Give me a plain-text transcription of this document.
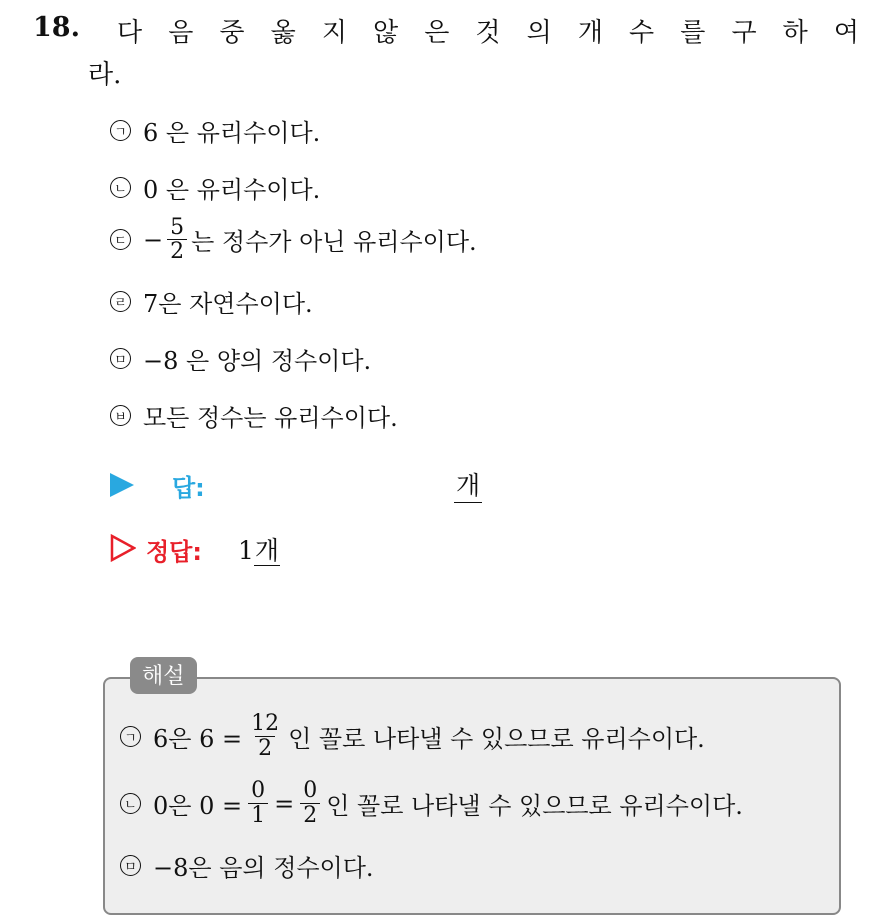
18. 다 음 중 옳 지 않 은 것 의 개 수 를 구 하 여
라.
ㄱ 6 은 유리수이다.
ㄴ 0 은 유리수이다.
ㄷ − $\frac{5}{2}$ 는 정수가 아닌 유리수이다.
ㄹ 7은 자연수이다.
ㅁ −8 은 양의 정수이다.
ㅂ 모든 정수는 유리수이다.
답:	개
정답: 1개
해설
ㄱ 6은 $6 = \frac{12}{2}$ 인 꼴로 나타낼 수 있으므로 유리수이다.
ㄴ 0은 $0 = \frac{0}{1} = \frac{0}{2}$ 인 꼴로 나타낼 수 있으므로 유리수이다.
ㅁ −8은 음의 정수이다.
